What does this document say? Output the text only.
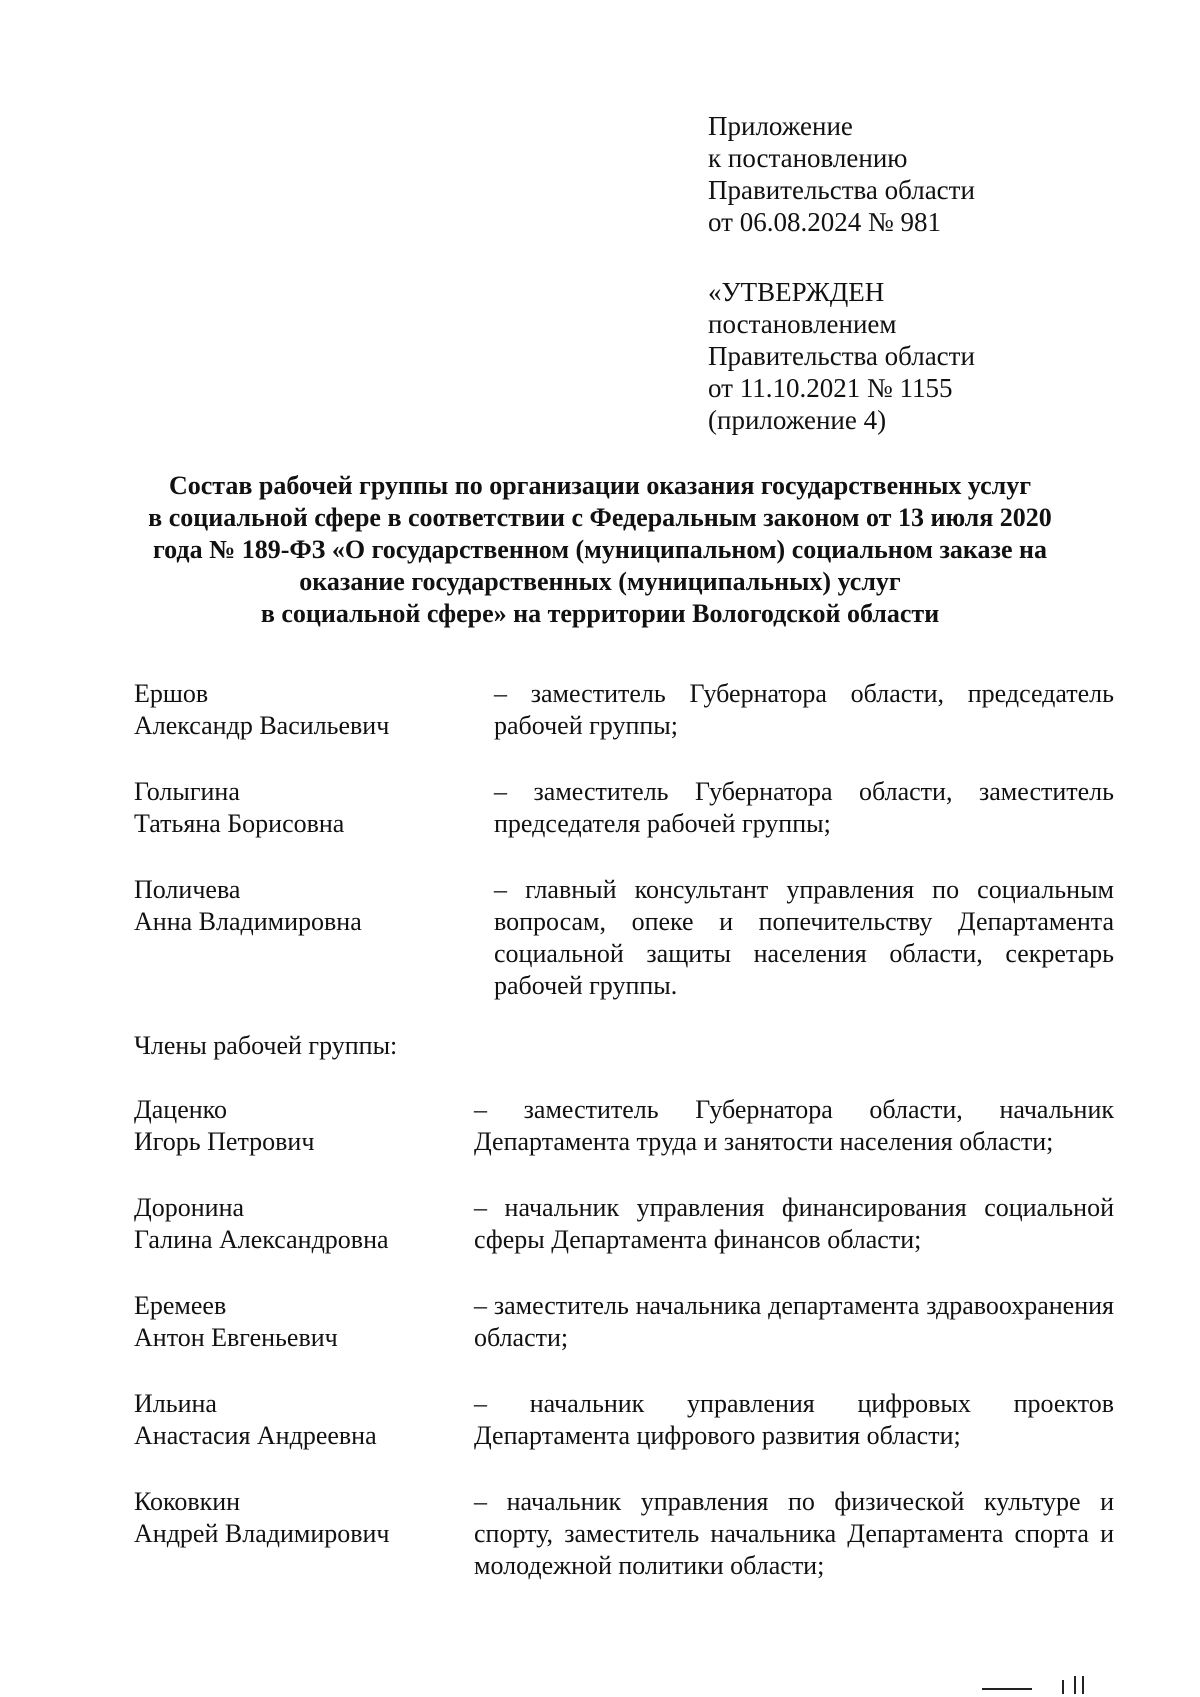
Приложение
к постановлению
Правительства области
от 06.08.2024 № 981
«УТВЕРЖДЕН
постановлением
Правительства области
от 11.10.2021 № 1155
(приложение 4)
Состав рабочей группы по организации оказания государственных услуг
в социальной сфере в соответствии с Федеральным законом от 13 июля 2020
года № 189-ФЗ «О государственном (муниципальном) социальном заказе на
оказание государственных (муниципальных) услуг
в социальной сфере» на территории Вологодской области
Ершов
Александр Васильевич
– заместитель Губернатора области, председатель рабочей группы;
Голыгина
Татьяна Борисовна
– заместитель Губернатора области, заместитель председателя рабочей группы;
Поличева
Анна Владимировна
– главный консультант управления по социальным вопросам, опеке и попечительству Департамента социальной защиты населения области, секретарь рабочей группы.
Члены рабочей группы:
Даценко
Игорь Петрович
– заместитель Губернатора области, начальник Департамента труда и занятости населения области;
Доронина
Галина Александровна
– начальник управления финансирования социальной сферы Департамента финансов области;
Еремеев
Антон Евгеньевич
– заместитель начальника департамента здравоохранения области;
Ильина
Анастасия Андреевна
– начальник управления цифровых проектов Департамента цифрового развития области;
Коковкин
Андрей Владимирович
– начальник управления по физической культуре и спорту, заместитель начальника Департамента спорта и молодежной политики области;
